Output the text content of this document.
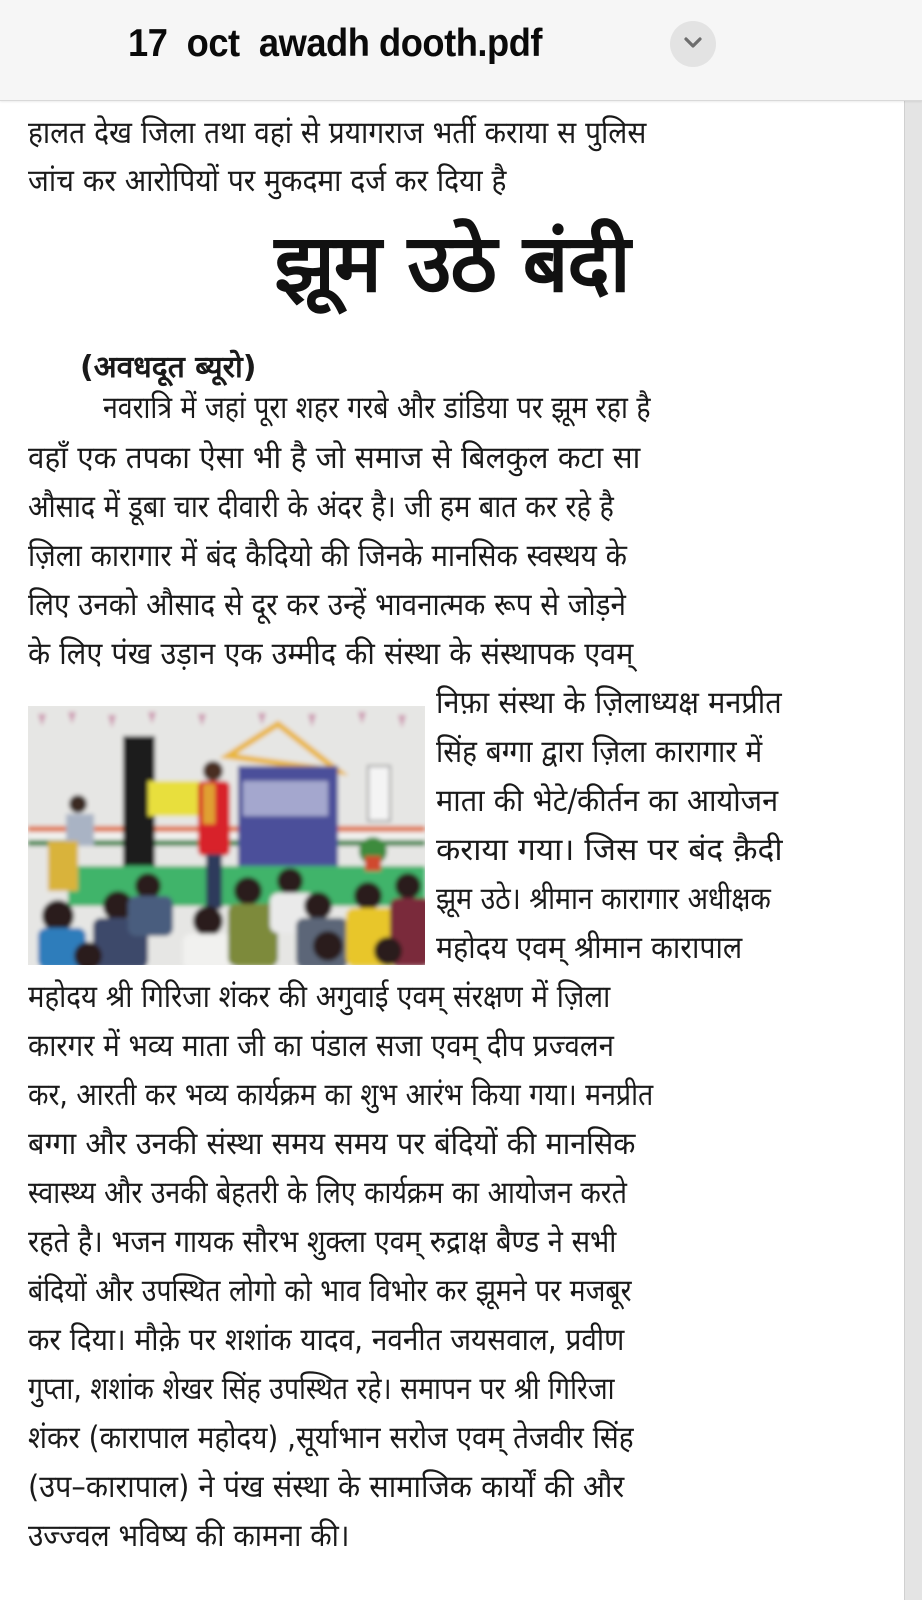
17  oct  awadh dooth.pdf
हालत देख जिला तथा वहां से प्रयागराज भर्ती कराया स पुलिस
जांच कर आरोपियों पर मुकदमा दर्ज कर दिया है
झूम उठे बंदी
(अवधदूत ब्यूरो)
नवरात्रि में जहां पूरा शहर गरबे और डांडिया पर झूम रहा है
वहाँ एक तपका ऐसा भी है जो समाज से बिलकुल कटा सा
औसाद में डूबा चार दीवारी के अंदर है। जी हम बात कर रहे है
ज़िला कारागार में बंद कैदियो की जिनके मानसिक स्वस्थय के
लिए उनको औसाद से दूर कर उन्हें भावनात्मक रूप से जोड़ने
के लिए पंख उड़ान एक उम्मीद की संस्था के संस्थापक एवम्
निफ़ा संस्था के ज़िलाध्यक्ष मनप्रीत
सिंह बग्गा द्वारा ज़िला कारागार में
माता की भेटे/कीर्तन का आयोजन
कराया गया। जिस पर बंद क़ैदी
झूम उठे। श्रीमान कारागार अधीक्षक
महोदय एवम् श्रीमान कारापाल
महोदय श्री गिरिजा शंकर की अगुवाई एवम् संरक्षण में ज़िला
कारगर में भव्य माता जी का पंडाल सजा एवम् दीप प्रज्वलन
कर, आरती कर भव्य कार्यक्रम का शुभ आरंभ किया गया। मनप्रीत
बग्गा और उनकी संस्था समय समय पर बंदियों की मानसिक
स्वास्थ्य और उनकी बेहतरी के लिए कार्यक्रम का आयोजन करते
रहते है। भजन गायक सौरभ शुक्ला एवम् रुद्राक्ष बैण्ड ने सभी
बंदियों और उपस्थित लोगो को भाव विभोर कर झूमने पर मजबूर
कर दिया। मौक़े पर शशांक यादव, नवनीत जयसवाल, प्रवीण
गुप्ता, शशांक शेखर सिंह उपस्थित रहे। समापन पर श्री गिरिजा
शंकर (कारापाल महोदय) ,सूर्याभान सरोज एवम् तेजवीर सिंह
(उप–कारापाल) ने पंख संस्था के सामाजिक कार्यों की और
उज्ज्वल भविष्य की कामना की।
